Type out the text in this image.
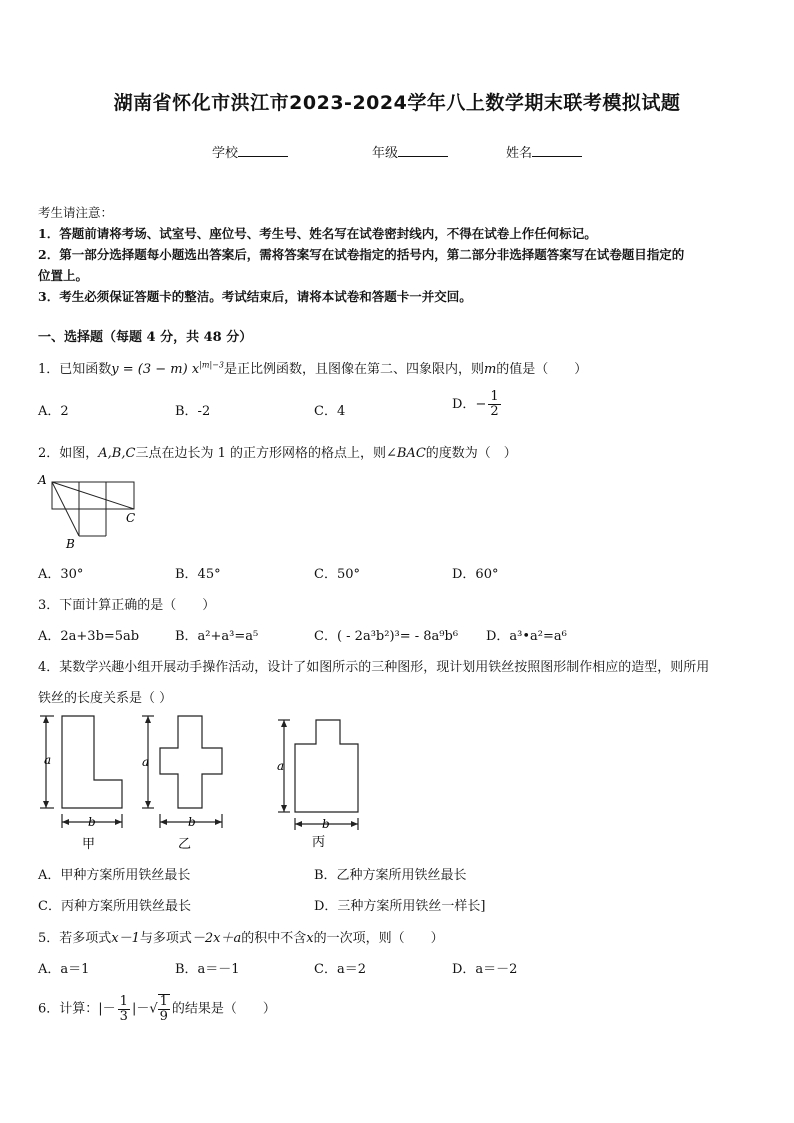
湖南省怀化市洪江市2023-2024学年八上数学期末联考模拟试题
学校	年级	姓名
考生请注意：
1．答题前请将考场、试室号、座位号、考生号、姓名写在试卷密封线内，不得在试卷上作任何标记。
2．第一部分选择题每小题选出答案后，需将答案写在试卷指定的括号内，第二部分非选择题答案写在试卷题目指定的
位置上。
3．考生必须保证答题卡的整洁。考试结束后，请将本试卷和答题卡一并交回。
一、选择题（每题 4 分，共 48 分）
1．已知函数y = (3 − m) $x^{|m|-3}$是正比例函数，且图像在第二、四象限内，则m的值是（　　）
A．2	B．-2	C．4	D．− $\frac{1}{2}$
2．如图，A,B,C三点在边长为 1 的正方形网格的格点上，则∠BAC的度数为（　）
A
B
C
A．30°	B．45°	C．50°	D．60°
3．下面计算正确的是（　　）
A．2a+3b=5ab	B．a²+a³=a⁵	C．( - 2a³b²)³= - 8a⁹b⁶ D．a³•a²=a⁶
4．某数学兴趣小组开展动手操作活动，设计了如图所示的三种图形，现计划用铁丝按照图形制作相应的造型，则所用
铁丝的长度关系是（ ）
a
b
a
b
a
b
甲	乙	丙
A．甲种方案所用铁丝最长	B．乙种方案所用铁丝最长
C．丙种方案所用铁丝最长	D．三种方案所用铁丝一样长]
5．若多项式x－1与多项式－2x＋a的积中不含x的一次项，则（　　）
A．a＝1	B．a＝－1	C．a＝2	D．a＝－2
6．计算：|－ $\frac{1}{3}$ |－√ $\frac{1}{9}$ 的结果是（　　）
